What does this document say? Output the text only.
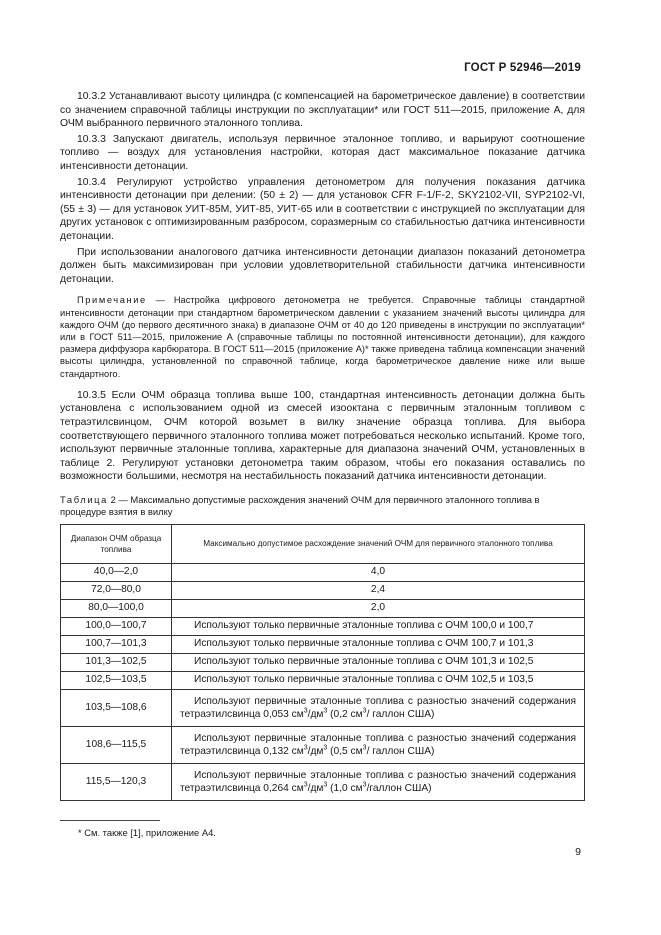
ГОСТ Р 52946—2019

10.3.2 Устанавливают высоту цилиндра (с компенсацией на барометрическое давление) в соответствии со значением справочной таблицы инструкции по эксплуатации* или ГОСТ 511—2015, приложение А, для ОЧМ выбранного первичного эталонного топлива.

10.3.3 Запускают двигатель, используя первичное эталонное топливо, и варьируют соотношение топливо — воздух для установления настройки, которая даст максимальное показание датчика интенсивности детонации.

10.3.4 Регулируют устройство управления детонометром для получения показания датчика интенсивности детонации при делении: (50 ± 2) — для установок CFR F-1/F-2, SKY2102-VII, SYP2102-VI, (55 ± 3) — для установок УИТ-85М, УИТ-85, УИТ-65 или в соответствии с инструкцией по эксплуатации для других установок с оптимизированным разбросом, соразмерным со стабильностью датчика интенсивности детонации.

При использовании аналогового датчика интенсивности детонации диапазон показаний детонометра должен быть максимизирован при условии удовлетворительной стабильности датчика интенсивности детонации.

Примечание — Настройка цифрового детонометра не требуется. Справочные таблицы стандартной интенсивности детонации при стандартном барометрическом давлении с указанием значений высоты цилиндра для каждого ОЧМ (до первого десятичного знака) в диапазоне ОЧМ от 40 до 120 приведены в инструкции по эксплуатации* или в ГОСТ 511—2015, приложение А (справочные таблицы по постоянной интенсивности детонации), для каждого размера диффузора карбюратора. В ГОСТ 511—2015 (приложение А)* также приведена таблица компенсации значений высоты цилиндра, установленной по справочной таблице, когда барометрическое давление ниже или выше стандартного.

10.3.5 Если ОЧМ образца топлива выше 100, стандартная интенсивность детонации должна быть установлена с использованием одной из смесей изооктана с первичным эталонным топливом с тетраэтилсвинцом, ОЧМ которой возьмет в вилку значение образца топлива. Для выбора соответствующего первичного эталонного топлива может потребоваться несколько испытаний. Кроме того, используют первичные эталонные топлива, характерные для диапазона значений ОЧМ, установленных в таблице 2. Регулируют установки детонометра таким образом, чтобы его показания оставались по возможности большими, несмотря на нестабильность показаний датчика интенсивности детонации.

Таблица 2 — Максимально допустимые расхождения значений ОЧМ для первичного эталонного топлива в процедуре взятия в вилку
Диапазон ОЧМ образца топлива	Максимально допустимое расхождение значений ОЧМ для первичного эталонного топлива
40,0—2,0	4,0
72,0—80,0	2,4
80,0—100,0	2,0
100,0—100,7	Используют только первичные эталонные топлива с ОЧМ 100,0 и 100,7
100,7—101,3	Используют только первичные эталонные топлива с ОЧМ 100,7 и 101,3
101,3—102,5	Используют только первичные эталонные топлива с ОЧМ 101,3 и 102,5
102,5—103,5	Используют только первичные эталонные топлива с ОЧМ 102,5 и 103,5
103,5—108,6	Используют первичные эталонные топлива с разностью значений содержания тетраэтилсвинца 0,053 $см^3/дм^3$ (0,2 $см^3/$ галлон США)
108,6—115,5	Используют первичные эталонные топлива с разностью значений содержания тетраэтилсвинца 0,132 $см^3/дм^3$ (0,5 $см^3/$ галлон США)
115,5—120,3	Используют первичные эталонные топлива с разностью значений содержания тетраэтилсвинца 0,264 $см^3/дм^3$ (1,0 $см^3$/галлон США)
* См. также [1], приложение А4.
9
